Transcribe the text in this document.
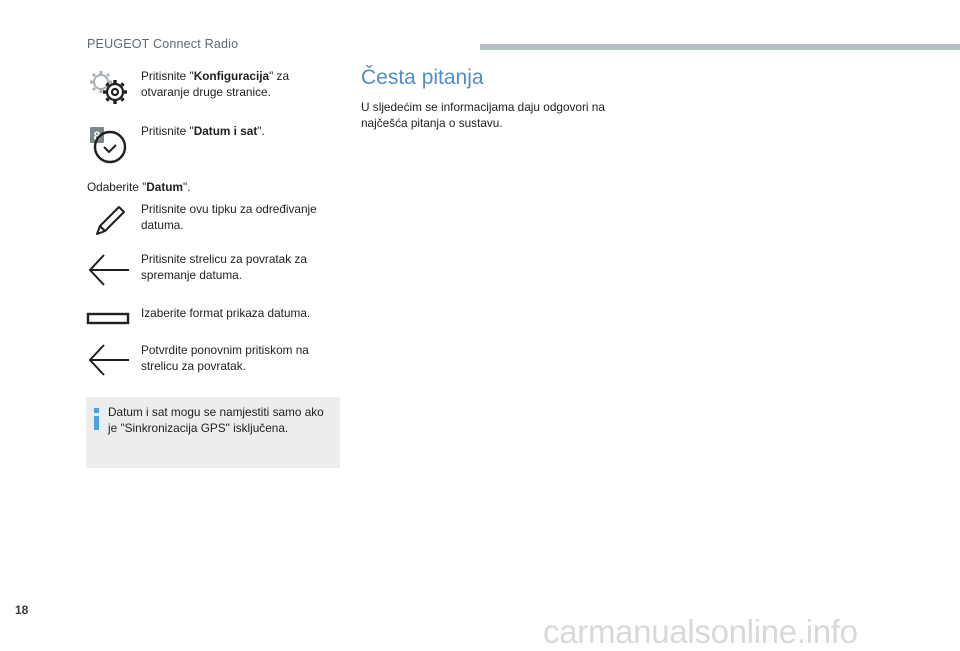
PEUGEOT Connect Radio
Pritisnite "Konfiguracija" za
otvaranje druge stranice.
8	Pritisnite "Datum i sat".
Odaberite "Datum".
Pritisnite ovu tipku za određivanje
datuma.
Pritisnite strelicu za povratak za
spremanje datuma.
Izaberite format prikaza datuma.
Potvrdite ponovnim pritiskom na
strelicu za povratak.
Datum i sat mogu se namjestiti samo ako
je "Sinkronizacija GPS" isključena.
Česta pitanja
U sljedećim se informacijama daju odgovori na
najčešća pitanja o sustavu.
18
carmanualsonline.info
